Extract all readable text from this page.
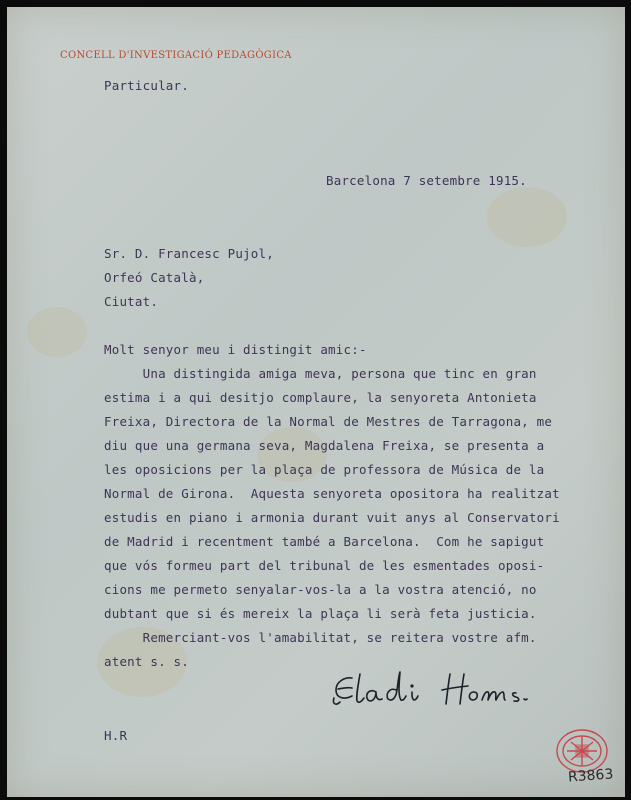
CONCELL D'INVESTIGACIÓ PEDAGÒGICA
Particular.
Barcelona 7 setembre 1915.
Sr. D. Francesc Pujol,
Orfeó Català,
Ciutat.
Molt senyor meu i distingit amic:-
Una distingida amiga meva, persona que tinc en gran
estima i a qui desitjo complaure, la senyoreta Antonieta
Freixa, Directora de la Normal de Mestres de Tarragona, me
diu que una germana seva, Magdalena Freixa, se presenta a
les oposicions per la plaça de professora de Música de la
Normal de Girona.  Aquesta senyoreta opositora ha realitzat
estudis en piano i armonia durant vuit anys al Conservatori
de Madrid i recentment també a Barcelona.  Com he sapigut
que vós formeu part del tribunal de les esmentades oposi-
cions me permeto senyalar-vos-la a la vostra atenció, no
dubtant que si és mereix la plaça li serà feta justicia.
Remerciant-vos l'amabilitat, se reitera vostre afm.
atent s. s.
H.R
R3863
